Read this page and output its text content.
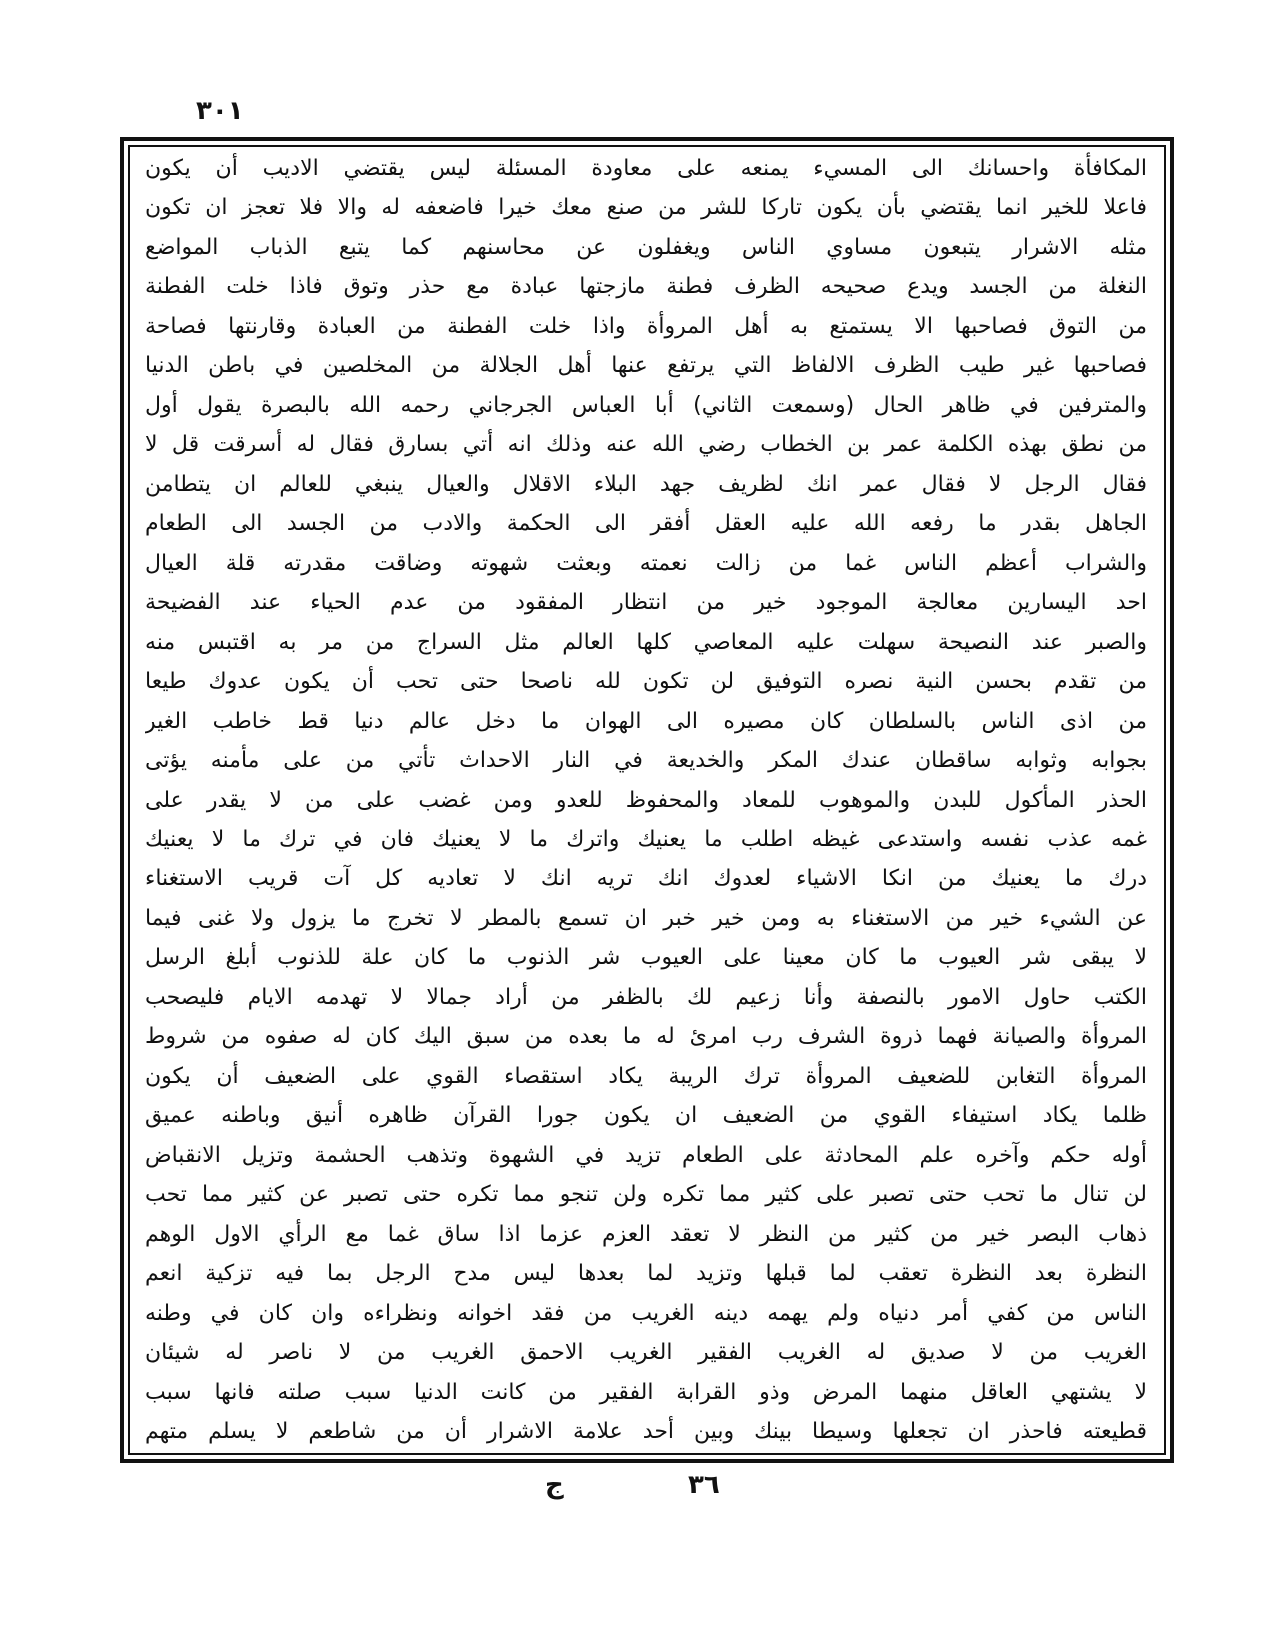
٣٠١
المكافأة واحسانك الى المسيء يمنعه على معاودة المسئلة ليس يقتضي الاديب أن يكون
فاعلا للخير انما يقتضي بأن يكون تاركا للشر من صنع معك خيرا فاضعفه له والا فلا تعجز ان تكون
مثله الاشرار يتبعون مساوي الناس ويغفلون عن محاسنهم كما يتبع الذباب المواضع
النغلة من الجسد ويدع صحيحه الظرف فطنة مازجتها عبادة مع حذر وتوق فاذا خلت الفطنة
من التوق فصاحبها الا يستمتع به أهل المروأة واذا خلت الفطنة من العبادة وقارنتها فصاحة
فصاحبها غير طيب الظرف الالفاظ التي يرتفع عنها أهل الجلالة من المخلصين في باطن الدنيا
والمترفين في ظاهر الحال (وسمعت الثاني) أبا العباس الجرجاني رحمه الله بالبصرة يقول أول
من نطق بهذه الكلمة عمر بن الخطاب رضي الله عنه وذلك انه أتي بسارق فقال له أسرقت قل لا
فقال الرجل لا فقال عمر انك لظريف جهد البلاء الاقلال والعيال ينبغي للعالم ان يتطامن
الجاهل بقدر ما رفعه الله عليه العقل أفقر الى الحكمة والادب من الجسد الى الطعام
والشراب أعظم الناس غما من زالت نعمته وبعثت شهوته وضاقت مقدرته قلة العيال
احد اليسارين معالجة الموجود خير من انتظار المفقود من عدم الحياء عند الفضيحة
والصبر عند النصيحة سهلت عليه المعاصي كلها العالم مثل السراج من مر به اقتبس منه
من تقدم بحسن النية نصره التوفيق لن تكون لله ناصحا حتى تحب أن يكون عدوك طيعا
من اذى الناس بالسلطان كان مصيره الى الهوان ما دخل عالم دنيا قط خاطب الغير
بجوابه وثوابه ساقطان عندك المكر والخديعة في النار الاحداث تأتي من على مأمنه يؤتى
الحذر المأكول للبدن والموهوب للمعاد والمحفوظ للعدو ومن غضب على من لا يقدر على
غمه عذب نفسه واستدعى غيظه اطلب ما يعنيك واترك ما لا يعنيك فان في ترك ما لا يعنيك
درك ما يعنيك من انكا الاشياء لعدوك انك تريه انك لا تعاديه كل آت قريب الاستغناء
عن الشيء خير من الاستغناء به ومن خير خبر ان تسمع بالمطر لا تخرج ما يزول ولا غنى فيما
لا يبقى شر العيوب ما كان معينا على العيوب شر الذنوب ما كان علة للذنوب أبلغ الرسل
الكتب حاول الامور بالنصفة وأنا زعيم لك بالظفر من أراد جمالا لا تهدمه الايام فليصحب
المروأة والصيانة فهما ذروة الشرف رب امرئ له ما بعده من سبق اليك كان له صفوه من شروط
المروأة التغابن للضعيف المروأة ترك الريبة يكاد استقصاء القوي على الضعيف أن يكون
ظلما يكاد استيفاء القوي من الضعيف ان يكون جورا القرآن ظاهره أنيق وباطنه عميق
أوله حكم وآخره علم المحادثة على الطعام تزيد في الشهوة وتذهب الحشمة وتزيل الانقباض
لن تنال ما تحب حتى تصبر على كثير مما تكره ولن تنجو مما تكره حتى تصبر عن كثير مما تحب
ذهاب البصر خير من كثير من النظر لا تعقد العزم عزما اذا ساق غما مع الرأي الاول الوهم
النظرة بعد النظرة تعقب لما قبلها وتزيد لما بعدها ليس مدح الرجل بما فيه تزكية انعم
الناس من كفي أمر دنياه ولم يهمه دينه الغريب من فقد اخوانه ونظراءه وان كان في وطنه
الغريب من لا صديق له الغريب الفقير الغريب الاحمق الغريب من لا ناصر له شيئان
لا يشتهي العاقل منهما المرض وذو القرابة الفقير من كانت الدنيا سبب صلته فانها سبب
قطيعته فاحذر ان تجعلها وسيطا بينك وبين أحد علامة الاشرار أن من شاطعم لا يسلم متهم
ج	٣٦
